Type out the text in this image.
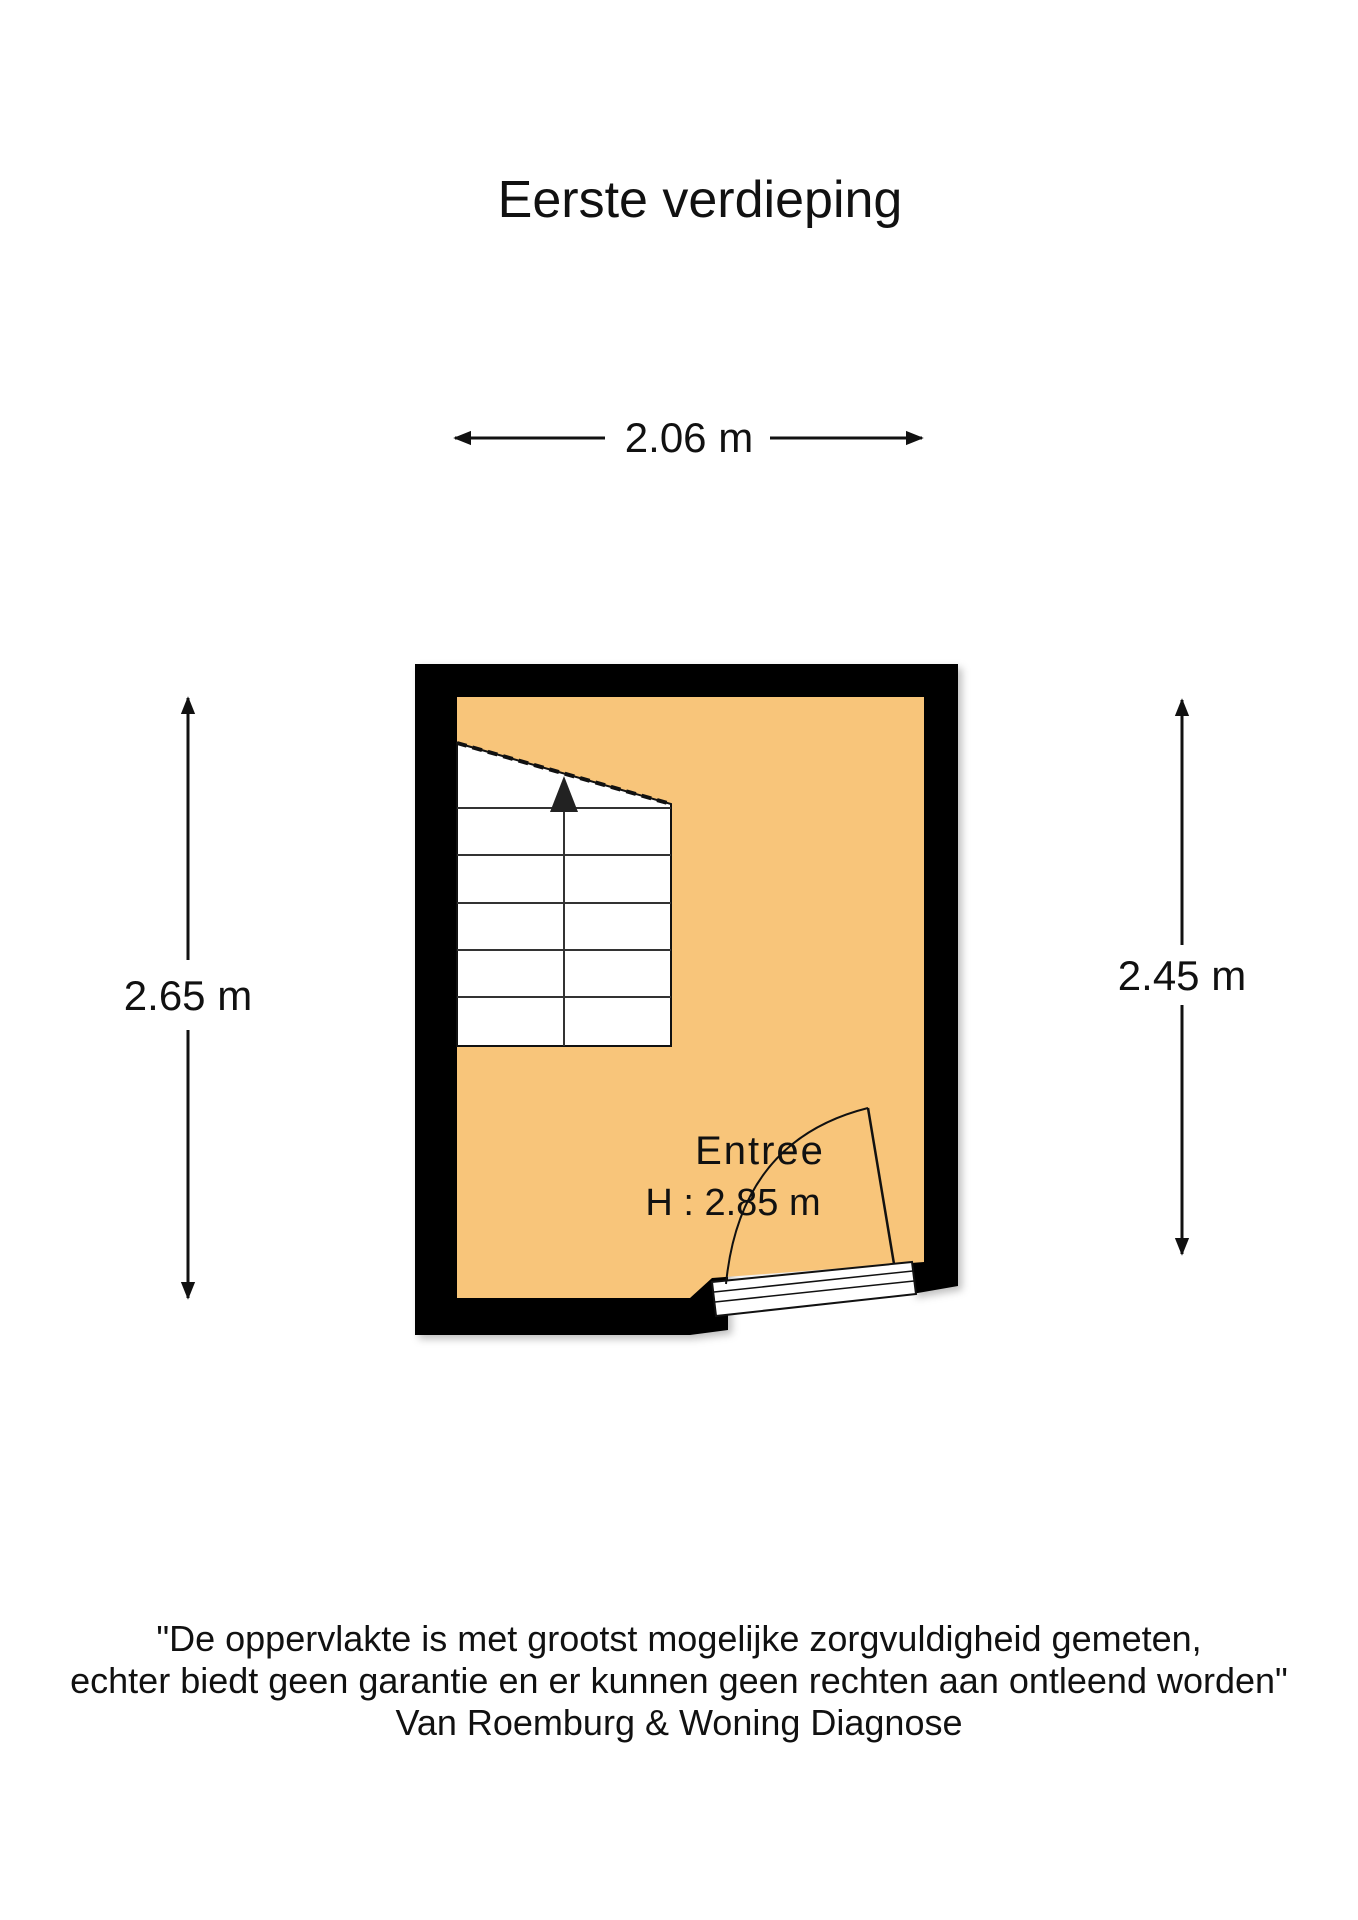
Eerste verdieping
2.06 m
2.65 m	2.45 m
Entree
H : 2.85 m
"De oppervlakte is met grootst mogelijke zorgvuldigheid gemeten,
echter biedt geen garantie en er kunnen geen rechten aan ontleend worden"
Van Roemburg & Woning Diagnose
